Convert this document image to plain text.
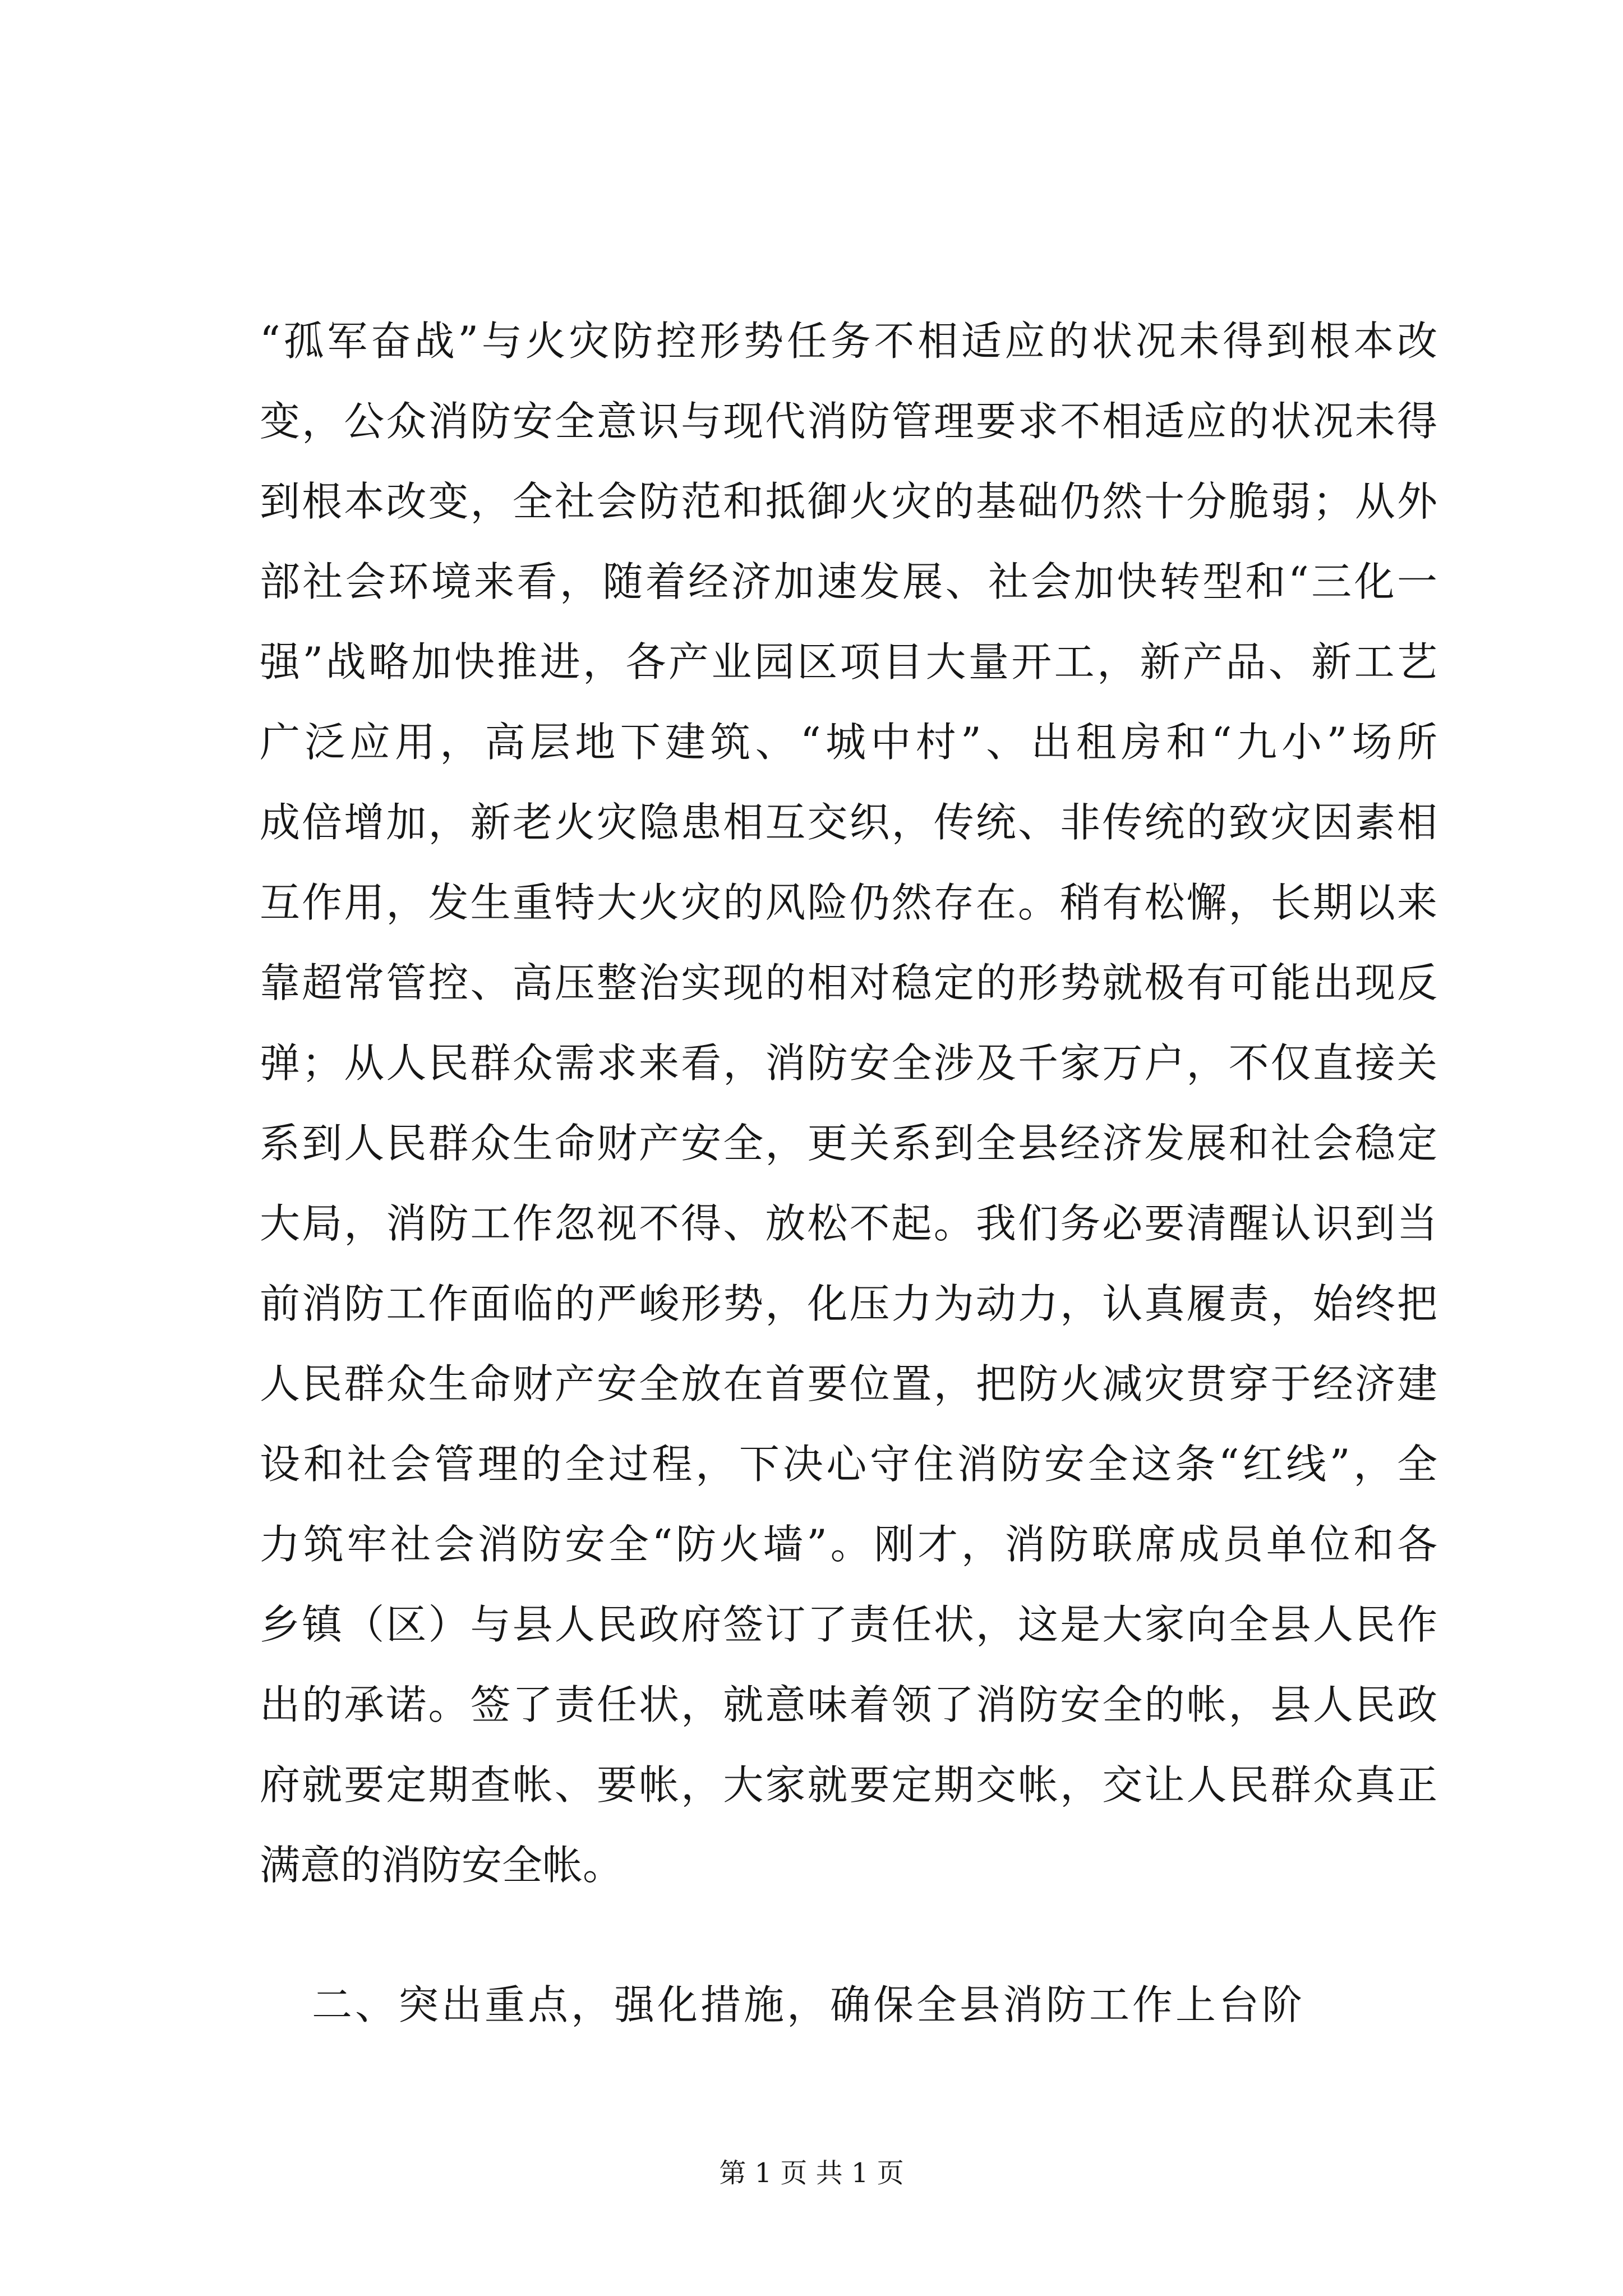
“孤军奋战”与火灾防控形势任务不相适应的状况未得到根本改
变，公众消防安全意识与现代消防管理要求不相适应的状况未得
到根本改变，全社会防范和抵御火灾的基础仍然十分脆弱；从外
部社会环境来看，随着经济加速发展、社会加快转型和“三化一
强”战略加快推进，各产业园区项目大量开工，新产品、新工艺
广泛应用，高层地下建筑、“城中村”、出租房和“九小”场所
成倍增加，新老火灾隐患相互交织，传统、非传统的致灾因素相
互作用，发生重特大火灾的风险仍然存在。稍有松懈，长期以来
靠超常管控、高压整治实现的相对稳定的形势就极有可能出现反
弹；从人民群众需求来看，消防安全涉及千家万户，不仅直接关
系到人民群众生命财产安全，更关系到全县经济发展和社会稳定
大局，消防工作忽视不得、放松不起。我们务必要清醒认识到当
前消防工作面临的严峻形势，化压力为动力，认真履责，始终把
人民群众生命财产安全放在首要位置，把防火减灾贯穿于经济建
设和社会管理的全过程，下决心守住消防安全这条“红线”，全
力筑牢社会消防安全“防火墙”。刚才，消防联席成员单位和各
乡镇（区）与县人民政府签订了责任状，这是大家向全县人民作
出的承诺。签了责任状，就意味着领了消防安全的帐，县人民政
府就要定期查帐、要帐，大家就要定期交帐，交让人民群众真正
满意的消防安全帐。
二、突出重点，强化措施，确保全县消防工作上台阶
第 1 页 共 1 页
